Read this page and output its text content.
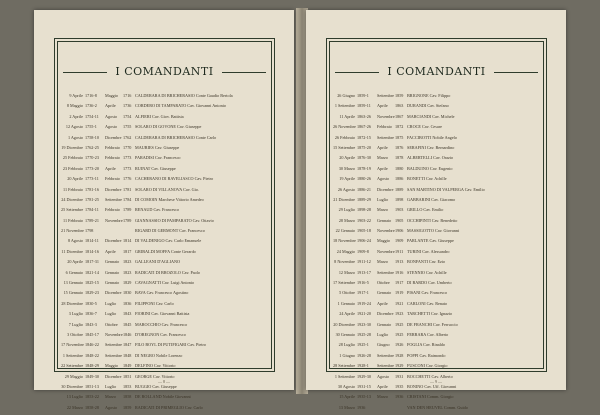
I COMANDANTI
9 Aprile 1716-8	Maggio	1716 CALDERARA DI BRICHERASIO Conte Gaudio Bertola
8 Maggio 1736-2	Aprile	1736 CORDERO DI TAMPARATO Cav. Giovanni Antonio
2 Aprile 1754-11	Agosto	1754 ALFIERI Cav. Giov. Battista
12 Agosto 1755-1	Agosto	1755 SOLARO DI GOVONE Cav. Giuseppe
1 Agosto 1758-10	Dicembre 1762 CALDERARA DI BRICHERASIO Conte Carlo
19 Dicembre 1762-25	Febbraio 1770 MAURIES Cav. Giuseppe
25 Febbraio 1770-23	Febbraio 1773 PARADISI Cav. Francesco
23 Febbraio 1773-20	Aprile	1773 RUINAT Cav. Giuseppe
20 Aprile 1773-11	Febbraio 1776 CACHERANO DI RAVELIASCO Cav. Pietro
11 Febbraio 1781-16	Dicembre 1781 SOLARO DI VILLANOVA Cav. Gio.
24 Dicembre 1781-25	Settembre 1784 DI COMOIN Marchese Vittorio Amedeo
25 Settembre 1784-11	Febbraio 1789 RENAUD Cav. Francesco
11 Febbraio 1789-21	Novembre 1789 GIANNASSIO DI PAMPARATO Cav. Ottavio
21 Novembre 1798	RIGARD DI GERMONT Cav. Francesco
8 Agosto 1814-11	Dicembre 1814 DI VALDENIGO Cav. Carlo Emanuele
11 Dicembre 1814-16	Aprile	1817 GRIBALDI MOFFA Conte Gerardo
20 Aprile 1817-31	Gennaio 1823 GALLEANI D'AGLIANO
6 Gennaio 1821-14	Gennaio 1823 RADICATI DI BROZOLO Cav. Paolo
13 Gennaio 1825-15	Gennaio 1829 CAVAGNATTI Cav. Luigi Antonio
15 Gennaio 1829-23	Dicembre 1830 BAVA Cav. Francesco Agostino
28 Dicembre 1830-5	Luglio	1836 FILIPPONI Cav. Carlo
3 Luglio 1836-7	Luglio	1843 FIORINI Cav. Giovanni Battista
7 Luglio 1843-3	Ottobre	1845 MAROCCHIO Cav. Francesco
3 Ottobre 1845-17	Novembre 1846 D'OREGNON Cav. Francesco
17 Novembre 1846-22	Settembre 1847 FILO BOYL DI PUTIFIGARI Cav. Pietro
1 Settembre 1848-22	Settembre 1848 DI NEGRO Nobile Lorenzo
22 Settembre 1848-29	Maggio	1849 DELFINO Cav. Vittorio
29 Maggio 1849-30	Dicembre 1851 GEORGE Cav. Vittorio
30 Dicembre 1851-13	Luglio	1853 BUGGIO Cav. Giuseppe
13 Luglio 1853-22	Marzo	1858 DE ROLLAND Nobile Giovanni
22 Marzo 1858-28	Agosto	1859 RADICATI DI PRIMEGLIO Cav. Carlo
— 8 —
I COMANDANTI
26 Giugno 1859-1	Settembre 1859 BRIGNONE Cav. Filippo
1 Settembre 1859-11	Aprile	1863 DURANDI Cav. Stefano
11 Aprile 1863-26	Novembre 1867 MARCIANDI Cav. Michele
26 Novembre 1867-26	Febbraio 1872 CROCE Cav. Cesare
26 Febbraio 1872-15	Settembre 1875 FACCIBOTTI Nobile Angelo
15 Settembre 1875-20	Aprile	1876 SERAFINI Cav. Bernardino
20 Aprile 1876-30	Marzo	1878 ALBERTELLI Cav. Orazio
30 Marzo 1878-19	Aprile	1880 BALDUINO Cav. Eugenio
19 Aprile 1880-26	Agosto	1886 BONETTI Cav. Achille
26 Agosto 1886-21	Dicembre 1889 SAN MARTINO DI VALPERGA Cav. Emilio
21 Dicembre 1889-29	Luglio	1898 GABBARINI Cav. Giacomo
29 Luglio 1898-28	Marzo	1903 GRILLO Cav. Emilio
28 Marzo 1903-22	Gennaio 1905 OCCHIPINTI Cav. Benedetto
22 Gennaio 1905-18	Novembre 1906 MASSIGOTTO Cav. Giovanni
18 Novembre 1906-24	Maggio	1909 PARLANTE Cav. Giuseppe
24 Maggio 1909-8	Novembre 1911 TURINI Cav. Alessandro
8 Novembre 1911-12	Marzo	1913 BONFANTI Cav. Ezio
12 Marzo 1913-17	Settembre 1916 STENNIO Cav. Achille
17 Settembre 1916-5	Ottobre	1917 DI BARDO Cav. Umberto
5 Ottobre 1917-1	Gennaio 1919 PISANI Cav. Francesco
1 Gennaio 1919-24	Aprile	1921 CARLONI Cav. Renato
24 Aprile 1921-20	Dicembre 1923 TARCHETTI Cav. Ignazio
20 Dicembre 1923-30	Gennaio 1925 DE FRANCHI Cav. Ferruccio
30 Gennaio 1925-28	Luglio	1925 FERRARA Cav. Alberto
28 Luglio 1925-1	Giugno	1926 FOGLIA Cav. Rinaldo
1 Giugno 1926-28	Settembre 1928 POPPI Cav. Raimondo
28 Settembre 1928-1	Settembre 1929 FUSCONI Cav. Giorgio
1 Settembre 1929-30	Agosto	1931 BOCCHETTI Cav. Alberto
30 Agosto 1931-15	Aprile	1935 BONINO Cav. Uff. Giovanni
15 Aprile 1935-13	Marzo	1936 CRISTANI Comm. Giorgio
13 Marzo 1936	VAN DEN HEUVEL Comm. Guido
— 9 —
